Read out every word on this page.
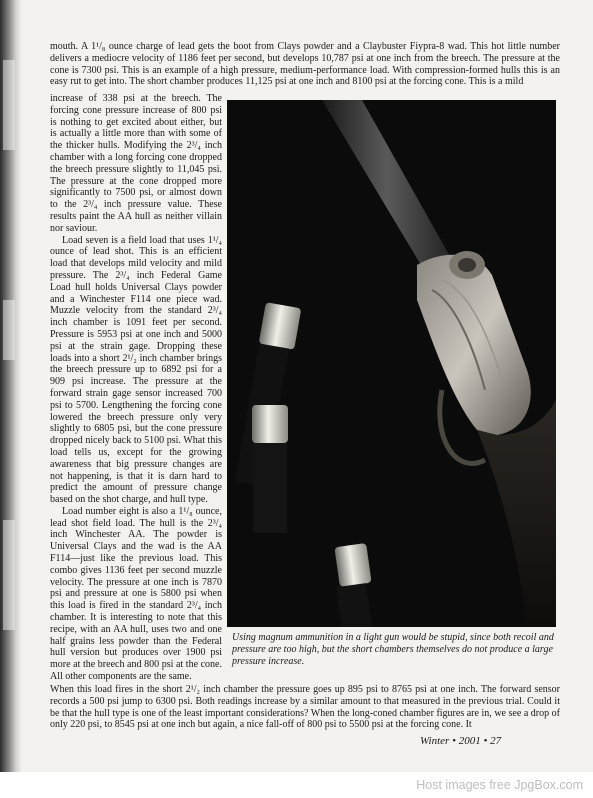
mouth. A 1¹/₈ ounce charge of lead gets the boot from Clays powder and a Claybuster Fiypra-8 wad. This hot little number delivers a mediocre velocity of 1186 feet per second, but develops 10,787 psi at one inch from the breech. The pressure at the cone is 7300 psi. This is an example of a high pressure, medium-performance load. With compression-formed hulls this is an easy rut to get into. The short chamber produces 11,125 psi at one inch and 8100 psi at the forcing cone. This is a mild

increase of 338 psi at the breech. The forcing cone pressure increase of 800 psi is nothing to get excited about either, but is actually a little more than with some of the thicker hulls. Modifying the 2³/₄ inch chamber with a long forcing cone dropped the breech pressure slightly to 11,045 psi. The pressure at the cone dropped more significantly to 7500 psi, or almost down to the 2³/₄ inch pressure value. These results paint the AA hull as neither villain nor saviour.

Load seven is a field load that uses 1¹/₄ ounce of lead shot. This is an efficient load that develops mild velocity and mild pressure. The 2³/₄ inch Federal Game Load hull holds Universal Clays powder and a Winchester F114 one piece wad. Muzzle velocity from the standard 2³/₄ inch chamber is 1091 feet per second. Pressure is 5953 psi at one inch and 5000 psi at the strain gage. Dropping these loads into a short 2¹/₂ inch chamber brings the breech pressure up to 6892 psi for a 909 psi increase. The pressure at the forward strain gage sensor increased 700 psi to 5700. Lengthening the forcing cone lowered the breech pressure only very slightly to 6805 psi, but the cone pressure dropped nicely back to 5100 psi. What this load tells us, except for the growing awareness that big pressure changes are not happening, is that it is darn hard to predict the amount of pressure change based on the shot charge, and hull type.

Load number eight is also a 1¹/₈ ounce, lead shot field load. The hull is the 2³/₄ inch Winchester AA. The powder is Universal Clays and the wad is the AA F114—just like the previous load. This combo gives 1136 feet per second muzzle velocity. The pressure at one inch is 7870 psi and pressure at one is 5800 psi when this load is fired in the standard 2³/₄ inch chamber. It is interesting to note that this recipe, with an AA hull, uses two and one half grains less powder than the Federal hull version but produces over 1900 psi more at the breech and 800 psi at the cone. All other components are the same.

Using magnum ammunition in a light gun would be stupid, since both recoil and pressure are too high, but the short chambers themselves do not produce a large pressure increase.

When this load fires in the short 2¹/₂ inch chamber the pressure goes up 895 psi to 8765 psi at one inch. The forward sensor records a 500 psi jump to 6300 psi. Both readings increase by a similar amount to that measured in the previous trial. Could it be that the hull type is one of the least important considerations? When the long-coned chamber figures are in, we see a drop of only 220 psi, to 8545 psi at one inch but again, a nice fall-off of 800 psi to 5500 psi at the forcing cone. It

Winter • 2001 • 27
Host images free JpgBox.com
